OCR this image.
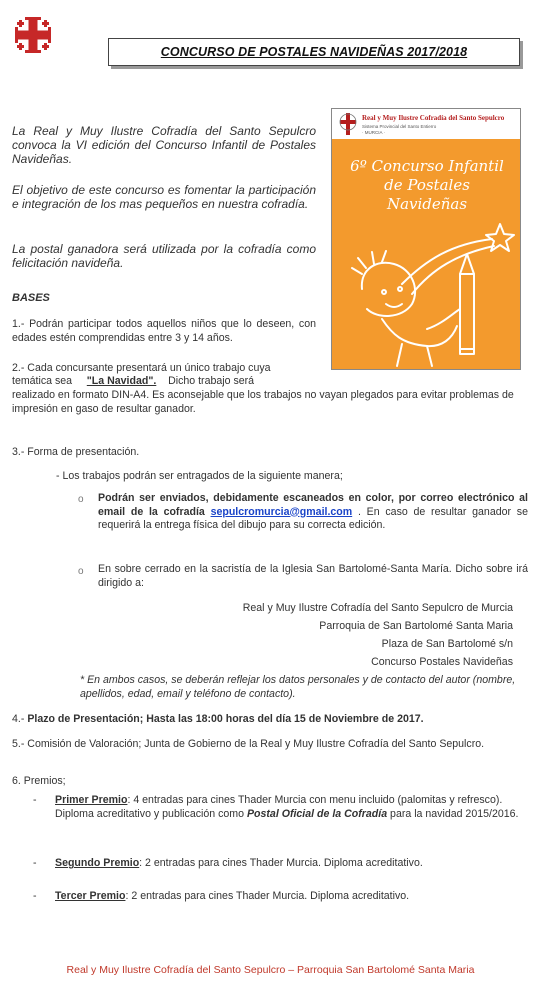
CONCURSO DE POSTALES NAVIDEÑAS 2017/2018
La Real y Muy Ilustre Cofradía del Santo Sepulcro convoca la VI edición del Concurso Infantil de Postales Navideñas.
El objetivo de este concurso es fomentar la participación e integración de los mas pequeños en nuestra cofradía.
La postal ganadora será utilizada por la cofradía como felicitación navideña.
Real y Muy Ilustre Cofradía del Santo Sepulcro
Sistema Provincial del Santo Entierro
· MURCIA ·
6º Concurso Infantil de Postales Navideñas
BASES
1.- Podrán participar todos aquellos niños que lo deseen, con edades estén comprendidas entre 3 y 14 años.
2.- Cada concursante presentará un único trabajo cuya
temática sea "La Navidad". Dicho trabajo será
realizado en formato DIN-A4. Es aconsejable que los trabajos no vayan plegados para evitar problemas de impresión en gaso de resultar ganador.
3.- Forma de presentación.
- Los trabajos podrán ser entragados de la siguiente manera;
o Podrán ser enviados, debidamente escaneados en color, por correo electrónico al email de la cofradía sepulcromurcia@gmail.com . En caso de resultar ganador se requerirá la entrega física del dibujo para su correcta edición.
o En sobre cerrado en la sacristía de la Iglesia San Bartolomé-Santa María. Dicho sobre irá dirigido a:
Real y Muy Ilustre Cofradía del Santo Sepulcro de Murcia
Parroquia de San Bartolomé Santa Maria
Plaza de San Bartolomé s/n
Concurso Postales Navideñas
* En ambos casos, se deberán reflejar los datos personales y de contacto del autor (nombre, apellidos, edad, email y teléfono de contacto).
4.- Plazo de Presentación; Hasta las 18:00 horas del día 15 de Noviembre de 2017.
5.- Comisión de Valoración; Junta de Gobierno de la Real y Muy Ilustre Cofradía del Santo Sepulcro.
6. Premios;
- Primer Premio: 4 entradas para cines Thader Murcia con menu incluido (palomitas y refresco). Diploma acreditativo y publicación como Postal Oficial de la Cofradía para la navidad 2015/2016.
- Segundo Premio: 2 entradas para cines Thader Murcia. Diploma acreditativo.
- Tercer Premio: 2 entradas para cines Thader Murcia. Diploma acreditativo.
Real y Muy Ilustre Cofradía del Santo Sepulcro – Parroquia San Bartolomé Santa Maria
